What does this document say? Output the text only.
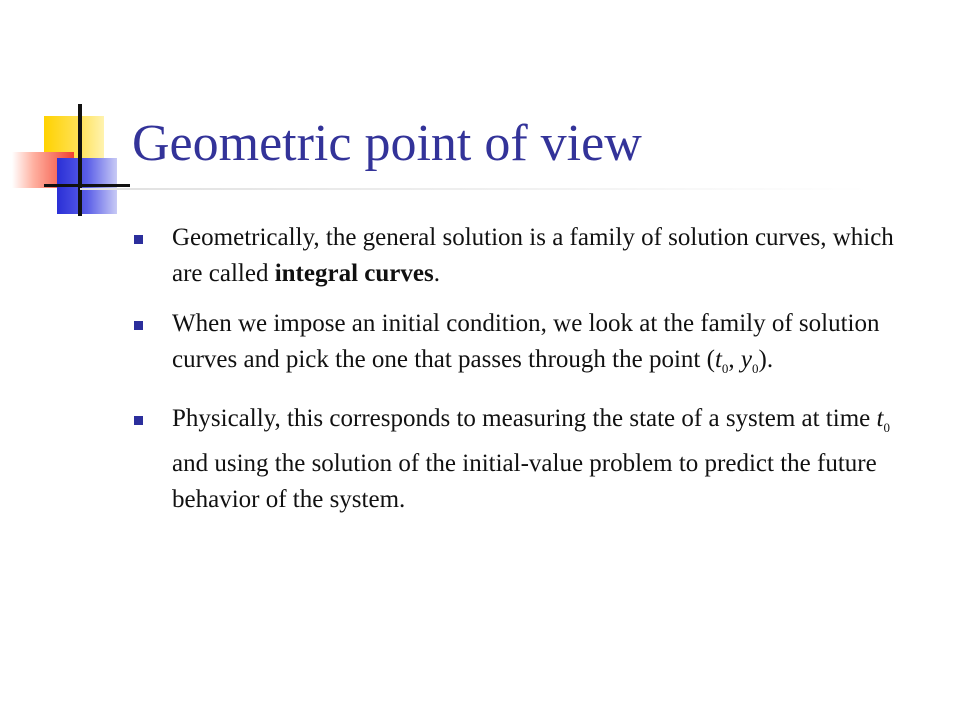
Geometric point of view
Geometrically, the general solution is a family of solution curves, which are called integral curves.
When we impose an initial condition, we look at the family of solution curves and pick the one that passes through the point ($t_0$, $y_0$).
Physically, this corresponds to measuring the state of a system at time $t_0$ and using the solution of the initial-value problem to predict the future behavior of the system.
